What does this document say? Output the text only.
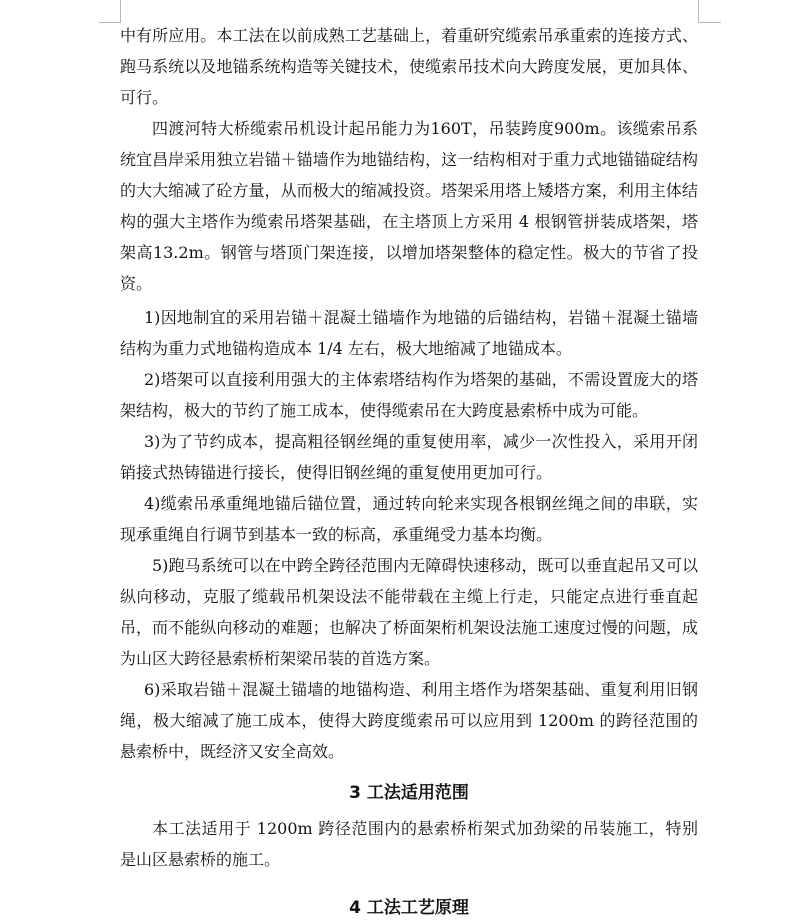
中有所应用。本工法在以前成熟工艺基础上，着重研究缆索吊承重索的连接方式、跑马系统以及地锚系统构造等关键技术，使缆索吊技术向大跨度发展，更加具体、可行。

四渡河特大桥缆索吊机设计起吊能力为160T，吊装跨度900m。该缆索吊系统宜昌岸采用独立岩锚＋锚墙作为地锚结构，这一结构相对于重力式地锚锚碇结构的大大缩减了砼方量，从而极大的缩减投资。塔架采用塔上矮塔方案，利用主体结构的强大主塔作为缆索吊塔架基础，在主塔顶上方采用 4 根钢管拼装成塔架，塔架高13.2m。钢管与塔顶门架连接，以增加塔架整体的稳定性。极大的节省了投资。

1)因地制宜的采用岩锚＋混凝土锚墙作为地锚的后锚结构，岩锚＋混凝土锚墙结构为重力式地锚构造成本 1/4 左右，极大地缩减了地锚成本。

2)塔架可以直接利用强大的主体索塔结构作为塔架的基础，不需设置庞大的塔架结构，极大的节约了施工成本，使得缆索吊在大跨度悬索桥中成为可能。

3)为了节约成本，提高粗径钢丝绳的重复使用率，减少一次性投入，采用开闭销接式热铸锚进行接长，使得旧钢丝绳的重复使用更加可行。

4)缆索吊承重绳地锚后锚位置，通过转向轮来实现各根钢丝绳之间的串联，实现承重绳自行调节到基本一致的标高，承重绳受力基本均衡。

5)跑马系统可以在中跨全跨径范围内无障碍快速移动，既可以垂直起吊又可以纵向移动，克服了缆载吊机架设法不能带载在主缆上行走，只能定点进行垂直起吊，而不能纵向移动的难题；也解决了桥面架桁机架设法施工速度过慢的问题，成为山区大跨径悬索桥桁架梁吊装的首选方案。

6)采取岩锚＋混凝土锚墙的地锚构造、利用主塔作为塔架基础、重复利用旧钢绳，极大缩减了施工成本，使得大跨度缆索吊可以应用到 1200m 的跨径范围的悬索桥中，既经济又安全高效。

3 工法适用范围

本工法适用于 1200m 跨径范围内的悬索桥桁架式加劲梁的吊装施工，特别是山区悬索桥的施工。

4 工法工艺原理
